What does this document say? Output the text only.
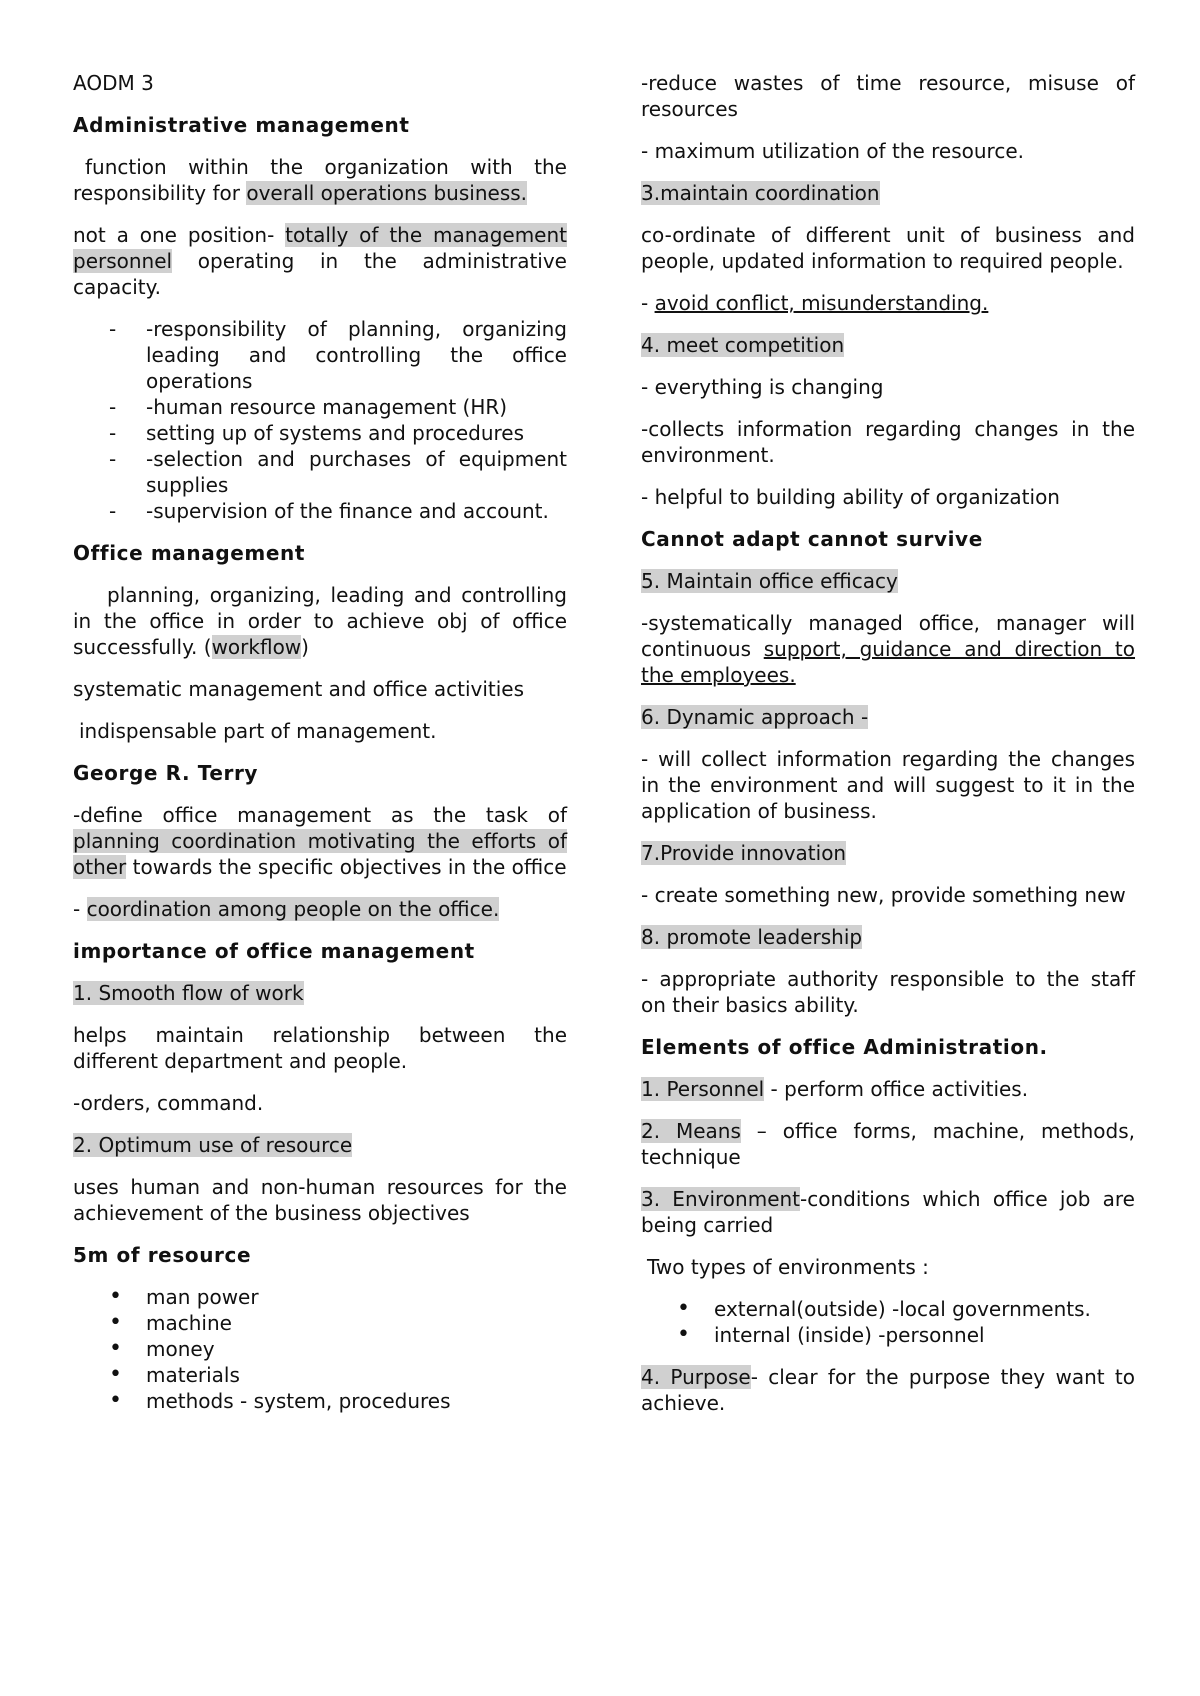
AODM 3

Administrative management

function within the organization with the responsibility for overall operations business.

not a one position- totally of the management personnel operating in the administrative capacity.

- -responsibility of planning, organizing leading and controlling the office operations
- -human resource management (HR)
- setting up of systems and procedures
- -selection and purchases of equipment supplies
- -supervision of the finance and account.

Office management

planning, organizing, leading and controlling in the office in order to achieve obj of office successfully. (workflow)

systematic management and office activities

indispensable part of management.

George R. Terry

-define office management as the task of planning coordination motivating the efforts of other towards the specific objectives in the office

- coordination among people on the office.

importance of office management

1. Smooth flow of work

helps maintain relationship between the different department and people.

-orders, command.

2. Optimum use of resource

uses human and non-human resources for the achievement of the business objectives

5m of resource

• man power
• machine
• money
• materials
• methods - system, procedures

-reduce wastes of time resource, misuse of resources

- maximum utilization of the resource.

3.maintain coordination

co-ordinate of different unit of business and people, updated information to required people.

- avoid conflict, misunderstanding.

4. meet competition

- everything is changing

-collects information regarding changes in the environment.

- helpful to building ability of organization

Cannot adapt cannot survive

5. Maintain office efficacy

-systematically managed office, manager will continuous support, guidance and direction to the employees.

6. Dynamic approach -

- will collect information regarding the changes in the environment and will suggest to it in the application of business.

7.Provide innovation

- create something new, provide something new

8. promote leadership

- appropriate authority responsible to the staff on their basics ability.

Elements of office Administration.

1. Personnel - perform office activities.

2. Means – office forms, machine, methods, technique

3. Environment-conditions which office job are being carried

Two types of environments :

• external(outside) -local governments.
• internal (inside) -personnel

4. Purpose- clear for the purpose they want to achieve.
